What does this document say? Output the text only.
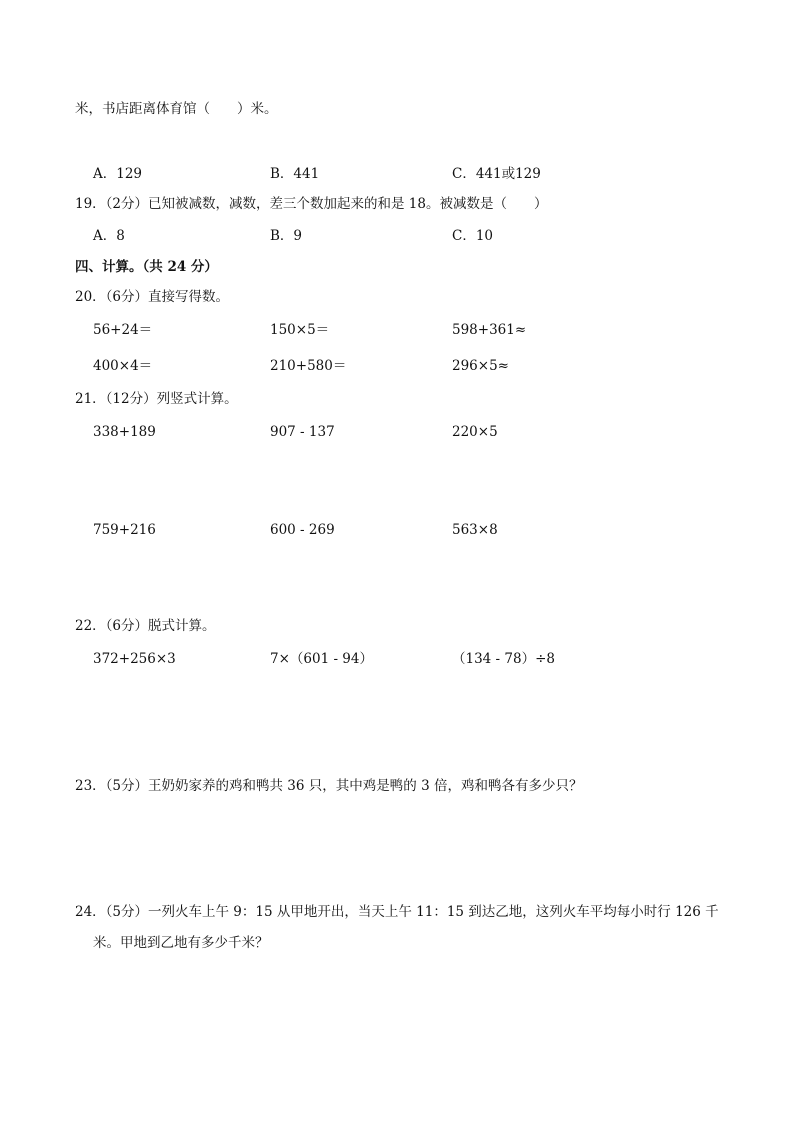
米，书店距离体育馆（　　）米。
A．129	B．441	C．441或129
19．（2分）已知被减数，减数，差三个数加起来的和是 18。被减数是（　　）
A．8	B．9	C．10
四、计算。（共 24 分）
20．（6分）直接写得数。
56+24＝	150×5＝	598+361≈
400×4＝	210+580＝	296×5≈
21．（12分）列竖式计算。
338+189	907 - 137	220×5
759+216	600 - 269	563×8
22．（6分）脱式计算。
372+256×3	7×（601 - 94）	（134 - 78）÷8
23．（5分）王奶奶家养的鸡和鸭共 36 只，其中鸡是鸭的 3 倍，鸡和鸭各有多少只？
24．（5分）一列火车上午 9：15 从甲地开出，当天上午 11：15 到达乙地，这列火车平均每小时行 126 千
米。甲地到乙地有多少千米？
